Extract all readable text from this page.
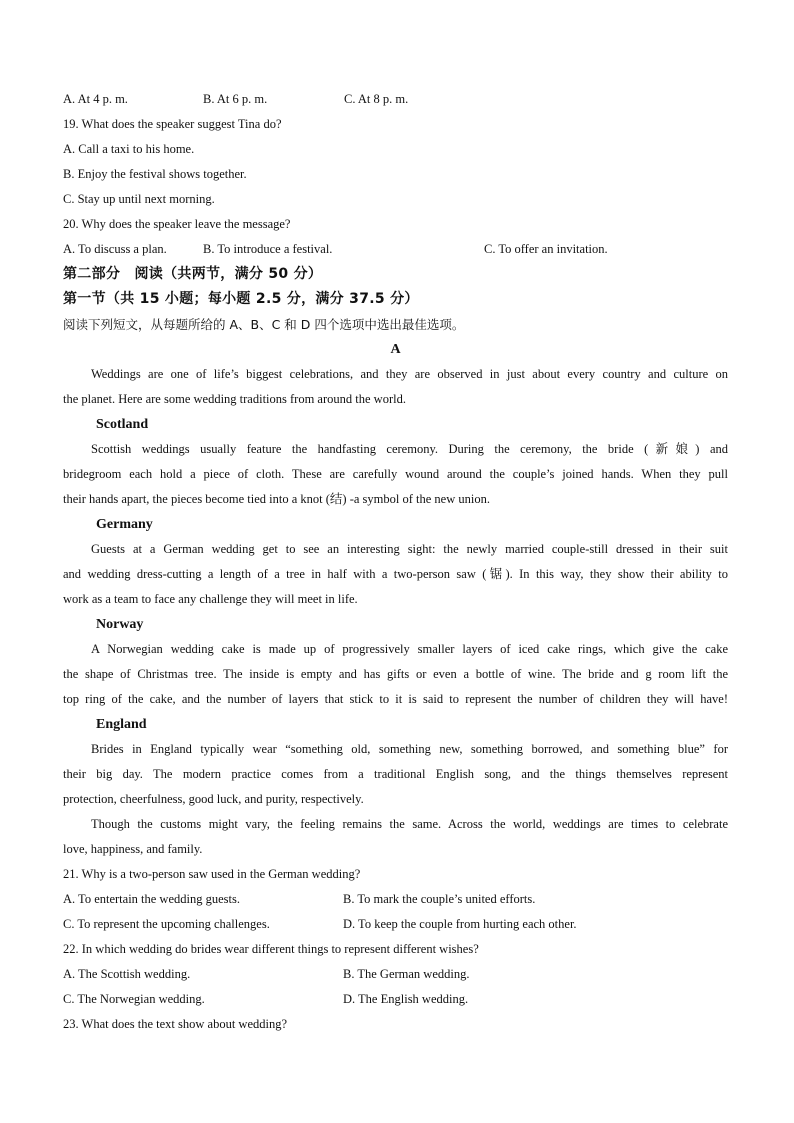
A. At 4 p. m.	B. At 6 p. m.	C. At 8 p. m.
19. What does the speaker suggest Tina do?
A. Call a taxi to his home.
B. Enjoy the festival shows together.
C. Stay up until next morning.
20. Why does the speaker leave the message?
A. To discuss a plan.	B. To introduce a festival.	C. To offer an invitation.
第二部分　阅读（共两节，满分 50 分）
第一节（共 15 小题；每小题 2.5 分，满分 37.5 分）
阅读下列短文，从每题所给的 A、B、C 和 D 四个选项中选出最佳选项。
A
Weddings are one of life’s biggest celebrations, and they are observed in just about every country and culture on
the planet. Here are some wedding traditions from around the world.
Scotland
Scottish weddings usually feature the handfasting ceremony. During the ceremony, the bride (新娘) and
bridegroom each hold a piece of cloth. These are carefully wound around the couple’s joined hands. When they pull
their hands apart, the pieces become tied into a knot (结) -a symbol of the new union.
Germany
Guests at a German wedding get to see an interesting sight: the newly married couple-still dressed in their suit
and wedding dress-cutting a length of a tree in half with a two-person saw (锯). In this way, they show their ability to
work as a team to face any challenge they will meet in life.
Norway
A Norwegian wedding cake is made up of progressively smaller layers of iced cake rings, which give the cake
the shape of Christmas tree. The inside is empty and has gifts or even a bottle of wine. The bride and g room lift the
top ring of the cake, and the number of layers that stick to it is said to represent the number of children they will have!
England
Brides in England typically wear “something old, something new, something borrowed, and something blue” for
their big day. The modern practice comes from a traditional English song, and the things themselves represent
protection, cheerfulness, good luck, and purity, respectively.
Though the customs might vary, the feeling remains the same. Across the world, weddings are times to celebrate
love, happiness, and family.
21. Why is a two-person saw used in the German wedding?
A. To entertain the wedding guests.	B. To mark the couple’s united efforts.
C. To represent the upcoming challenges.	D. To keep the couple from hurting each other.
22. In which wedding do brides wear different things to represent different wishes?
A. The Scottish wedding.	B. The German wedding.
C. The Norwegian wedding.	D. The English wedding.
23. What does the text show about wedding?
